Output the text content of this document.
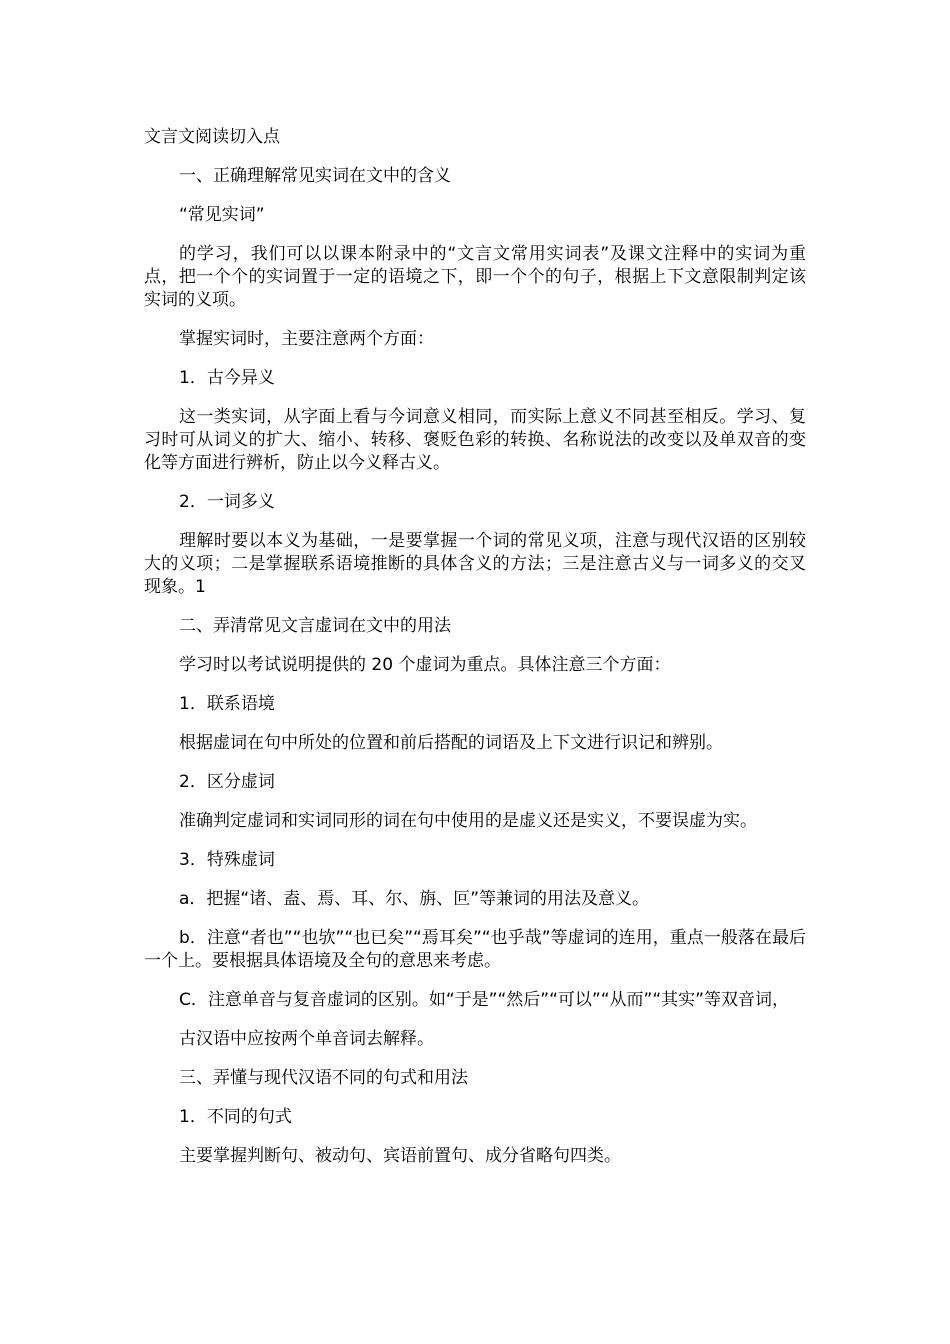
文言文阅读切入点

一、正确理解常见实词在文中的含义

“常见实词”

的学习，我们可以以课本附录中的“文言文常用实词表”及课文注释中的实词为重点，把一个个的实词置于一定的语境之下，即一个个的句子，根据上下文意限制判定该实词的义项。

掌握实词时，主要注意两个方面：

1．古今异义

这一类实词，从字面上看与今词意义相同，而实际上意义不同甚至相反。学习、复习时可从词义的扩大、缩小、转移、褒贬色彩的转换、名称说法的改变以及单双音的变化等方面进行辨析，防止以今义释古义。

2．一词多义

理解时要以本义为基础，一是要掌握一个词的常见义项，注意与现代汉语的区别较大的义项；二是掌握联系语境推断的具体含义的方法；三是注意古义与一词多义的交叉现象。1

二、弄清常见文言虚词在文中的用法

学习时以考试说明提供的 20 个虚词为重点。具体注意三个方面：

1．联系语境

根据虚词在句中所处的位置和前后搭配的词语及上下文进行识记和辨别。

2．区分虚词

准确判定虚词和实词同形的词在句中使用的是虚义还是实义，不要误虚为实。

3．特殊虚词

a．把握“诸、盍、焉、耳、尔、旃、叵”等兼词的用法及意义。

b．注意“者也”“也欤”“也已矣”“焉耳矣”“也乎哉”等虚词的连用，重点一般落在最后一个上。要根据具体语境及全句的意思来考虑。

C．注意单音与复音虚词的区别。如“于是”“然后”“可以”“从而”“其实”等双音词，

古汉语中应按两个单音词去解释。

三、弄懂与现代汉语不同的句式和用法

1．不同的句式

主要掌握判断句、被动句、宾语前置句、成分省略句四类。
